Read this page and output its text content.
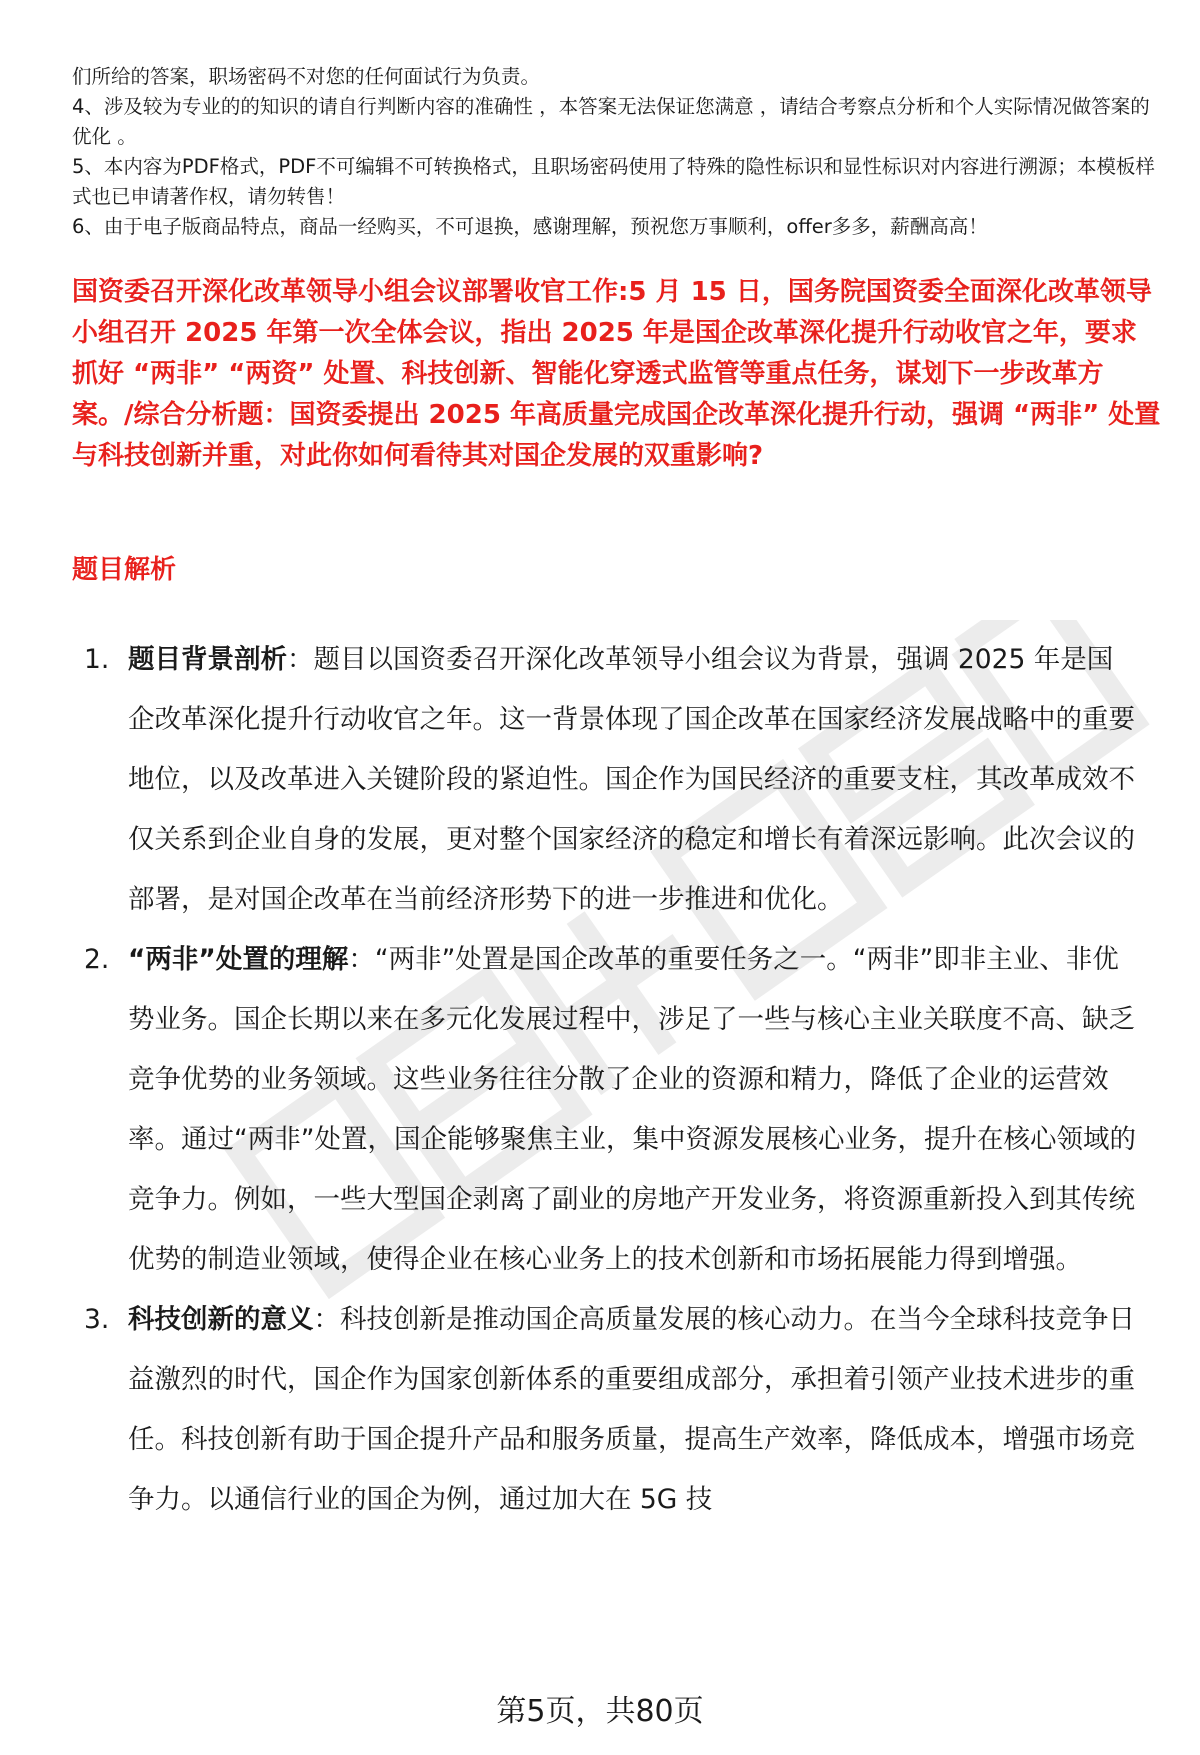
们所给的答案，职场密码不对您的任何面试行为负责。

4、涉及较为专业的的知识的请自行判断内容的准确性 ，本答案无法保证您满意 ，请结合考察点分析和个人实际情况做答案的优化 。

5、本内容为PDF格式，PDF不可编辑不可转换格式，且职场密码使用了特殊的隐性标识和显性标识对内容进行溯源；本模板样式也已申请著作权，请勿转售！

6、由于电子版商品特点，商品一经购买，不可退换，感谢理解，预祝您万事顺利，offer多多，薪酬高高！

国资委召开深化改革领导小组会议部署收官工作:5 月 15 日，国务院国资委全面深化改革领导小组召开 2025 年第一次全体会议，指出 2025 年是国企改革深化提升行动收官之年，要求抓好 “两非” “两资” 处置、科技创新、智能化穿透式监管等重点任务，谋划下一步改革方案。/综合分析题：国资委提出 2025 年高质量完成国企改革深化提升行动，强调 “两非” 处置与科技创新并重，对此你如何看待其对国企发展的双重影响?

题目解析
1. 题目背景剖析：题目以国资委召开深化改革领导小组会议为背景，强调 2025 年是国企改革深化提升行动收官之年。这一背景体现了国企改革在国家经济发展战略中的重要地位，以及改革进入关键阶段的紧迫性。国企作为国民经济的重要支柱，其改革成效不仅关系到企业自身的发展，更对整个国家经济的稳定和增长有着深远影响。此次会议的部署，是对国企改革在当前经济形势下的进一步推进和优化。
2. “两非”处置的理解：“两非”处置是国企改革的重要任务之一。“两非”即非主业、非优势业务。国企长期以来在多元化发展过程中，涉足了一些与核心主业关联度不高、缺乏竞争优势的业务领域。这些业务往往分散了企业的资源和精力，降低了企业的运营效率。通过“两非”处置，国企能够聚焦主业，集中资源发展核心业务，提升在核心领域的竞争力。例如，一些大型国企剥离了副业的房地产开发业务，将资源重新投入到其传统优势的制造业领域，使得企业在核心业务上的技术创新和市场拓展能力得到增强。
3. 科技创新的意义：科技创新是推动国企高质量发展的核心动力。在当今全球科技竞争日益激烈的时代，国企作为国家创新体系的重要组成部分，承担着引领产业技术进步的重任。科技创新有助于国企提升产品和服务质量，提高生产效率，降低成本，增强市场竞争力。以通信行业的国企为例，通过加大在 5G 技
第5页，共80页
